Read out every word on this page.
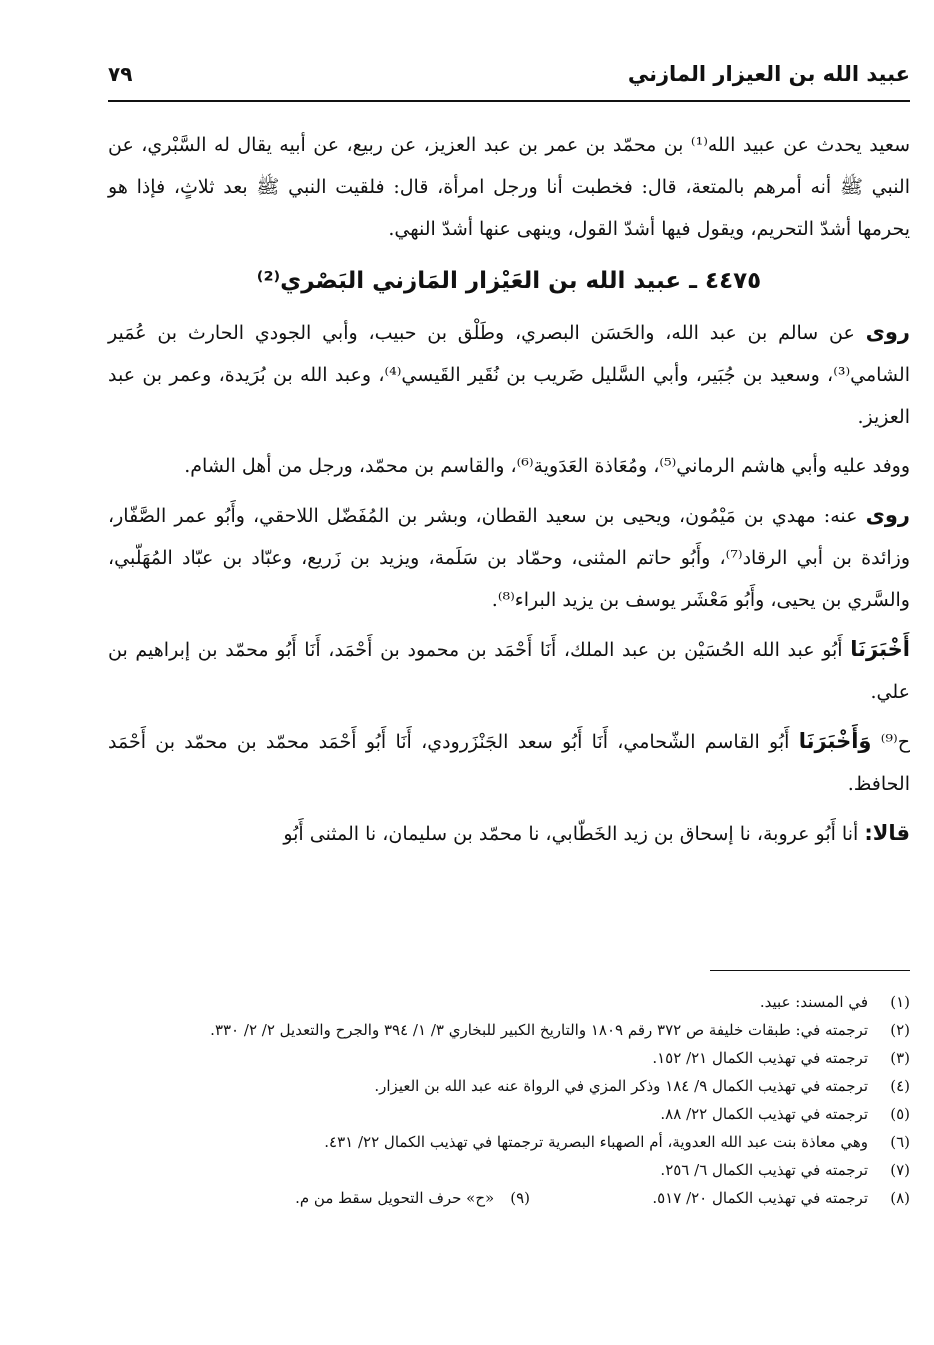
عبيد الله بن العيزار المازني
٧٩

سعيد يحدث عن عبيد الله⁽¹⁾ بن محمّد بن عمر بن عبد العزيز، عن ربيع، عن أبيه يقال له السَّبْري، عن النبي ﷺ أنه أمرهم بالمتعة، قال: فخطبت أنا ورجل امرأة، قال: فلقيت النبي ﷺ بعد ثلاثٍ، فإذا هو يحرمها أشدّ التحريم، ويقول فيها أشدّ القول، وينهى عنها أشدّ النهي.

٤٤٧٥ ـ عبيد الله بن العَيْزار المَازني البَصْري⁽²⁾

روى عن سالم بن عبد الله، والحَسَن البصري، وطَلْق بن حبيب، وأبي الجودي الحارث بن عُمَير الشامي⁽³⁾، وسعيد بن جُبَير، وأبي السَّليل ضَريب بن نُقَير القَيسي⁽⁴⁾، وعبد الله بن بُرَيدة، وعمر بن عبد العزيز.

ووفد عليه وأبي هاشم الرماني⁽⁵⁾، ومُعَاذة العَدَوية⁽⁶⁾، والقاسم بن محمّد، ورجل من أهل الشام.

روى عنه: مهدي بن مَيْمُون، ويحيى بن سعيد القطان، وبشر بن المُفَضّل اللاحقي، وأَبُو عمر الصَّفّار، وزائدة بن أبي الرقاد⁽⁷⁾، وأَبُو حاتم المثنى، وحمّاد بن سَلَمة، ويزيد بن زَريع، وعبّاد بن عبّاد المُهَلّبي، والسَّري بن يحيى، وأَبُو مَعْشَر يوسف بن يزيد البراء⁽⁸⁾.

أَخْبَرَنَا أَبُو عبد الله الحُسَيْن بن عبد الملك، أَنَا أَحْمَد بن محمود بن أَحْمَد، أَنَا أَبُو محمّد بن إبراهيم بن علي.

ح⁽⁹⁾ وَأَخْبَرَنَا أَبُو القاسم الشّحامي، أَنَا أَبُو سعد الجَنْزَرودي، أَنَا أَبُو أَحْمَد محمّد بن محمّد بن أَحْمَد الحافظ.

قالا: أنا أَبُو عروبة، نا إسحاق بن زيد الخَطّابي، نا محمّد بن سليمان، نا المثنى أَبُو

(١)
في المسند: عبيد.
(٢)
ترجمته في: طبقات خليفة ص ٣٧٢ رقم ١٨٠٩ والتاريخ الكبير للبخاري ٣/ ١/ ٣٩٤ والجرح والتعديل ٢/ ٢/ ٣٣٠.
(٣)
ترجمته في تهذيب الكمال ٢١/ ١٥٢.
(٤)
ترجمته في تهذيب الكمال ٩/ ١٨٤ وذكر المزي في الرواة عنه عبد الله بن العيزار.
(٥)
ترجمته في تهذيب الكمال ٢٢/ ٨٨.
(٦)
وهي معاذة بنت عبد الله العدوية، أم الصهباء البصرية ترجمتها في تهذيب الكمال ٢٢/ ٤٣١.
(٧)
ترجمته في تهذيب الكمال ٦/ ٢٥٦.
(٨)
ترجمته في تهذيب الكمال ٢٠/ ٥١٧.
(٩)«ح» حرف التحويل سقط من م.
